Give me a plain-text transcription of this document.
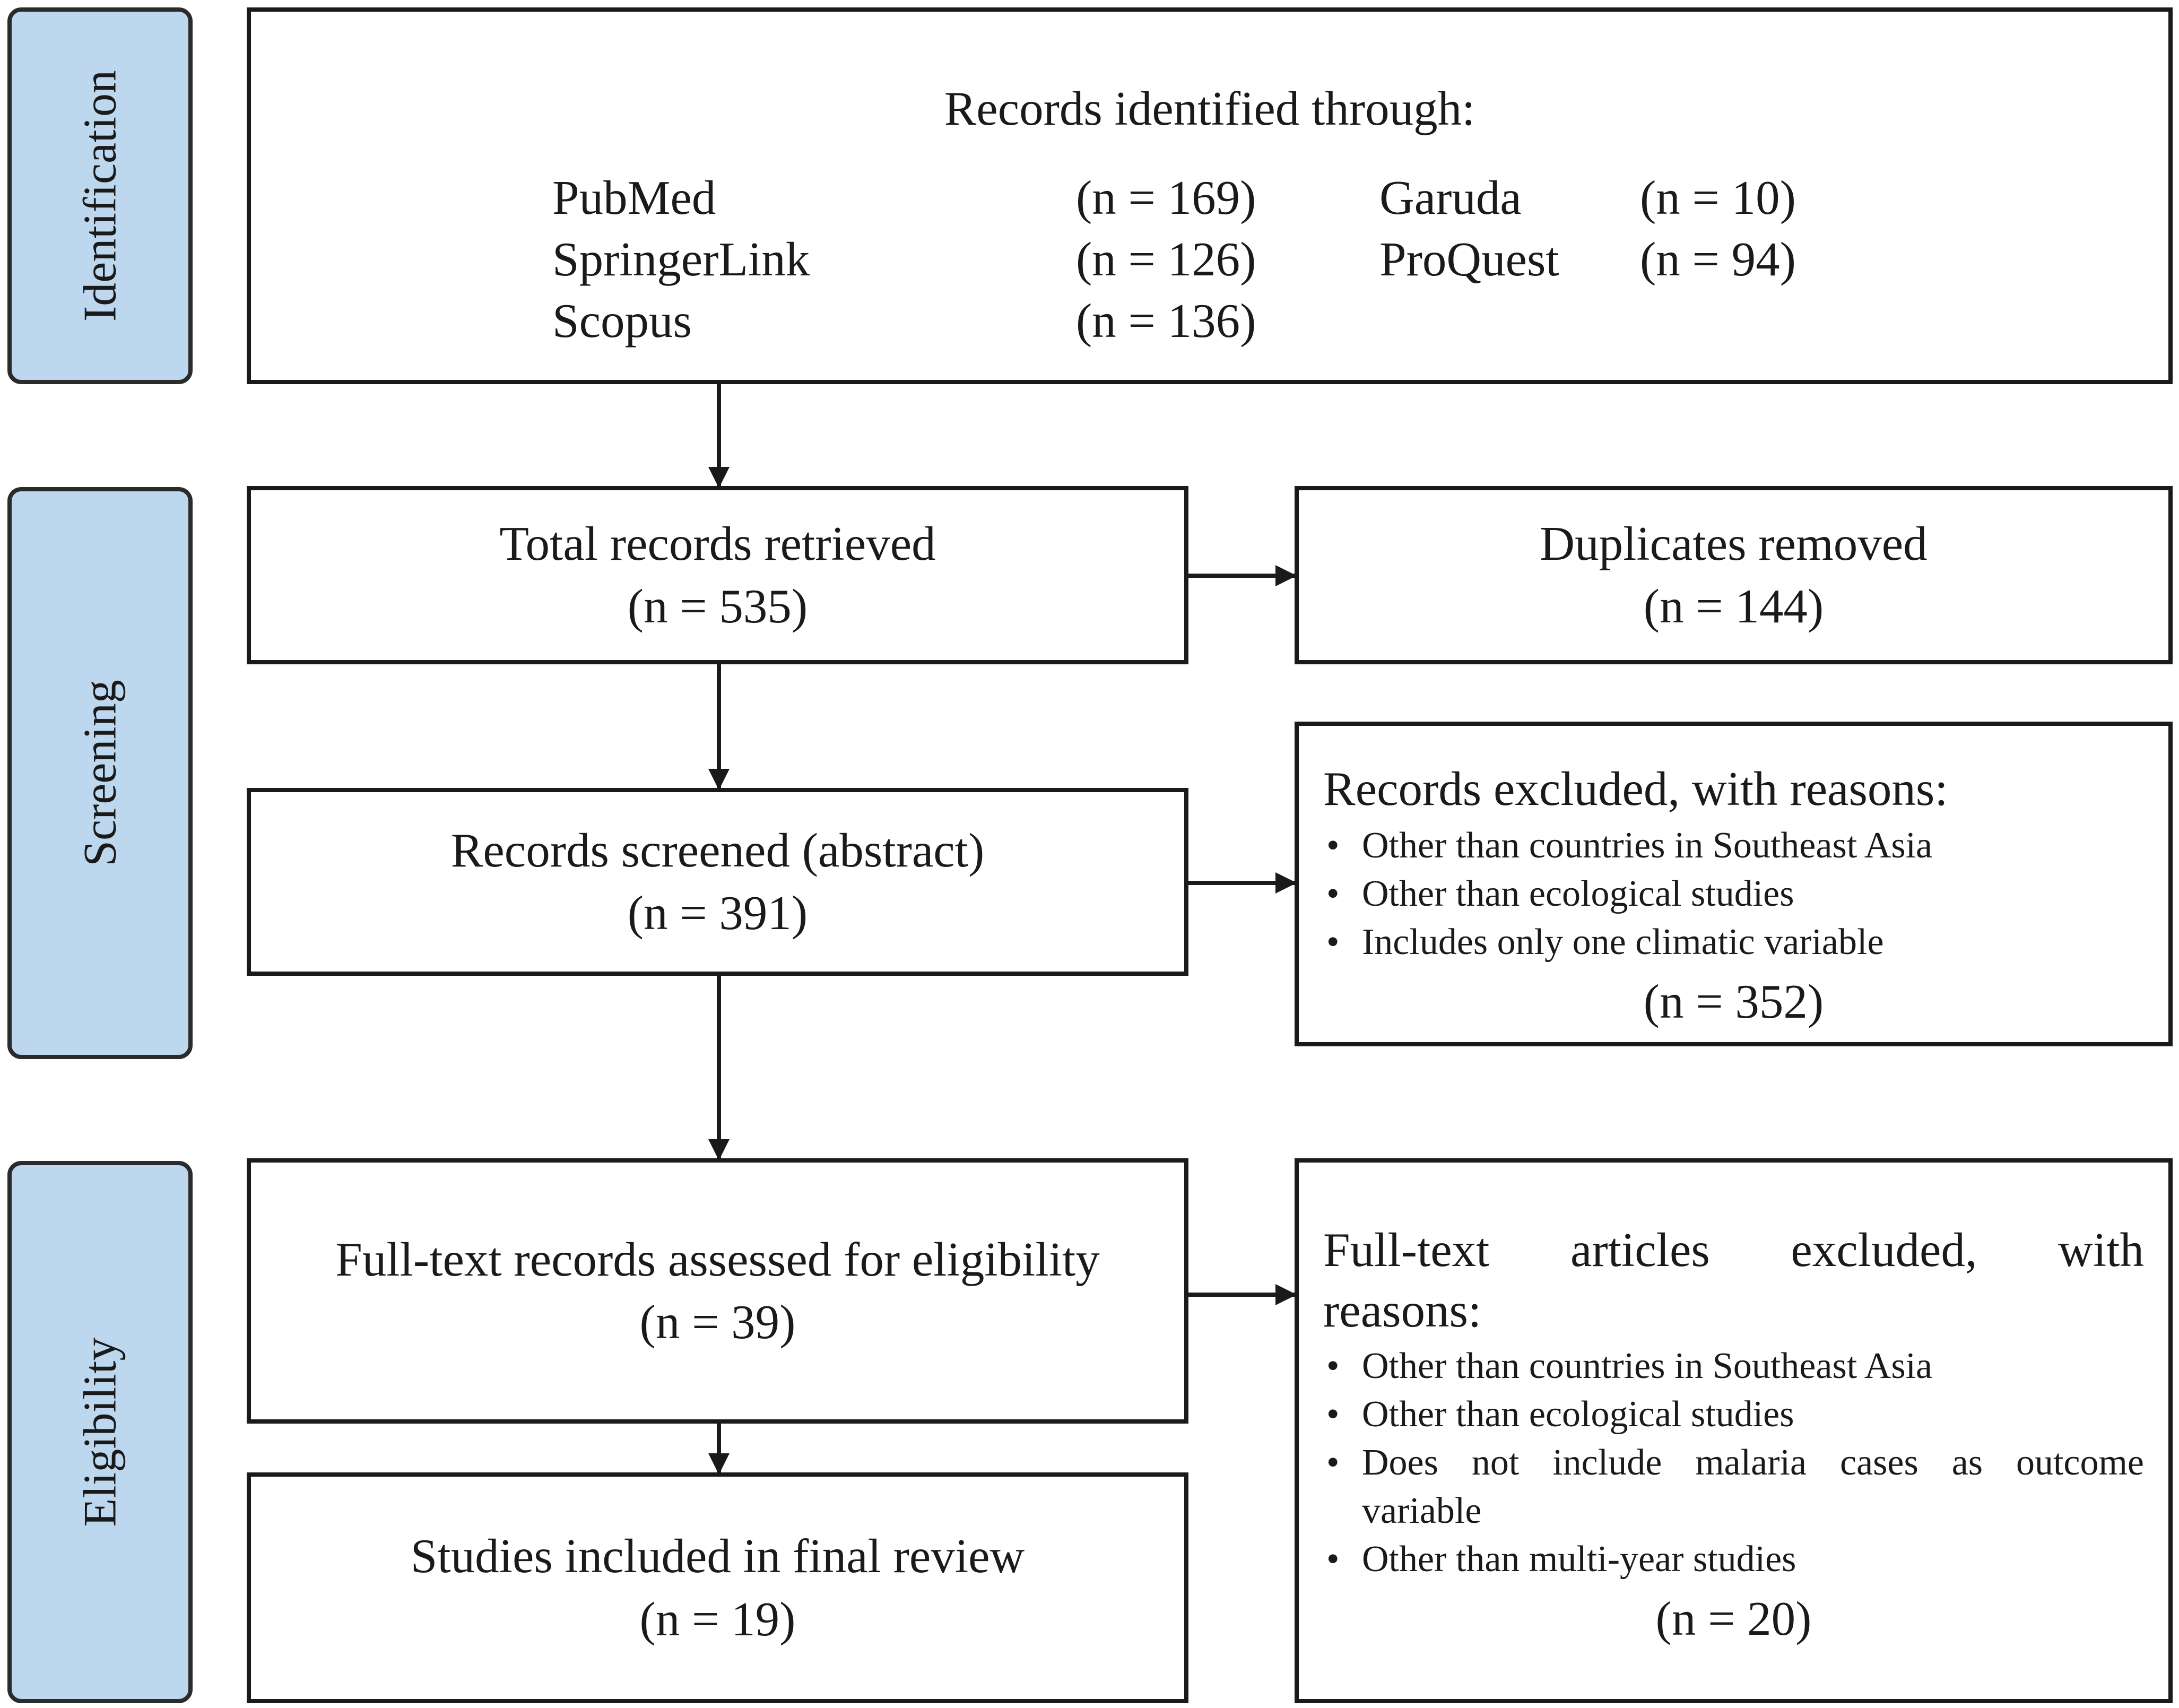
Identification
Screening
Eligibility
Records identified through:
PubMed	(n = 169)	Garuda (n = 10)
SpringerLink	(n = 126)	ProQuest (n = 94)
Scopus	(n = 136)
Total records retrieved
(n = 535)
Duplicates removed
(n = 144)
Records screened (abstract)
(n = 391)
Records excluded, with reasons:
• Other than countries in Southeast Asia
• Other than ecological studies
• Includes only one climatic variable
(n = 352)
Full-text records assessed for eligibility
(n = 39)
Full-text articles excluded, with
reasons:
• Other than countries in Southeast Asia
• Other than ecological studies
• Does not include malaria cases as outcome
variable
• Other than multi-year studies
(n = 20)
Studies included in final review
(n = 19)
